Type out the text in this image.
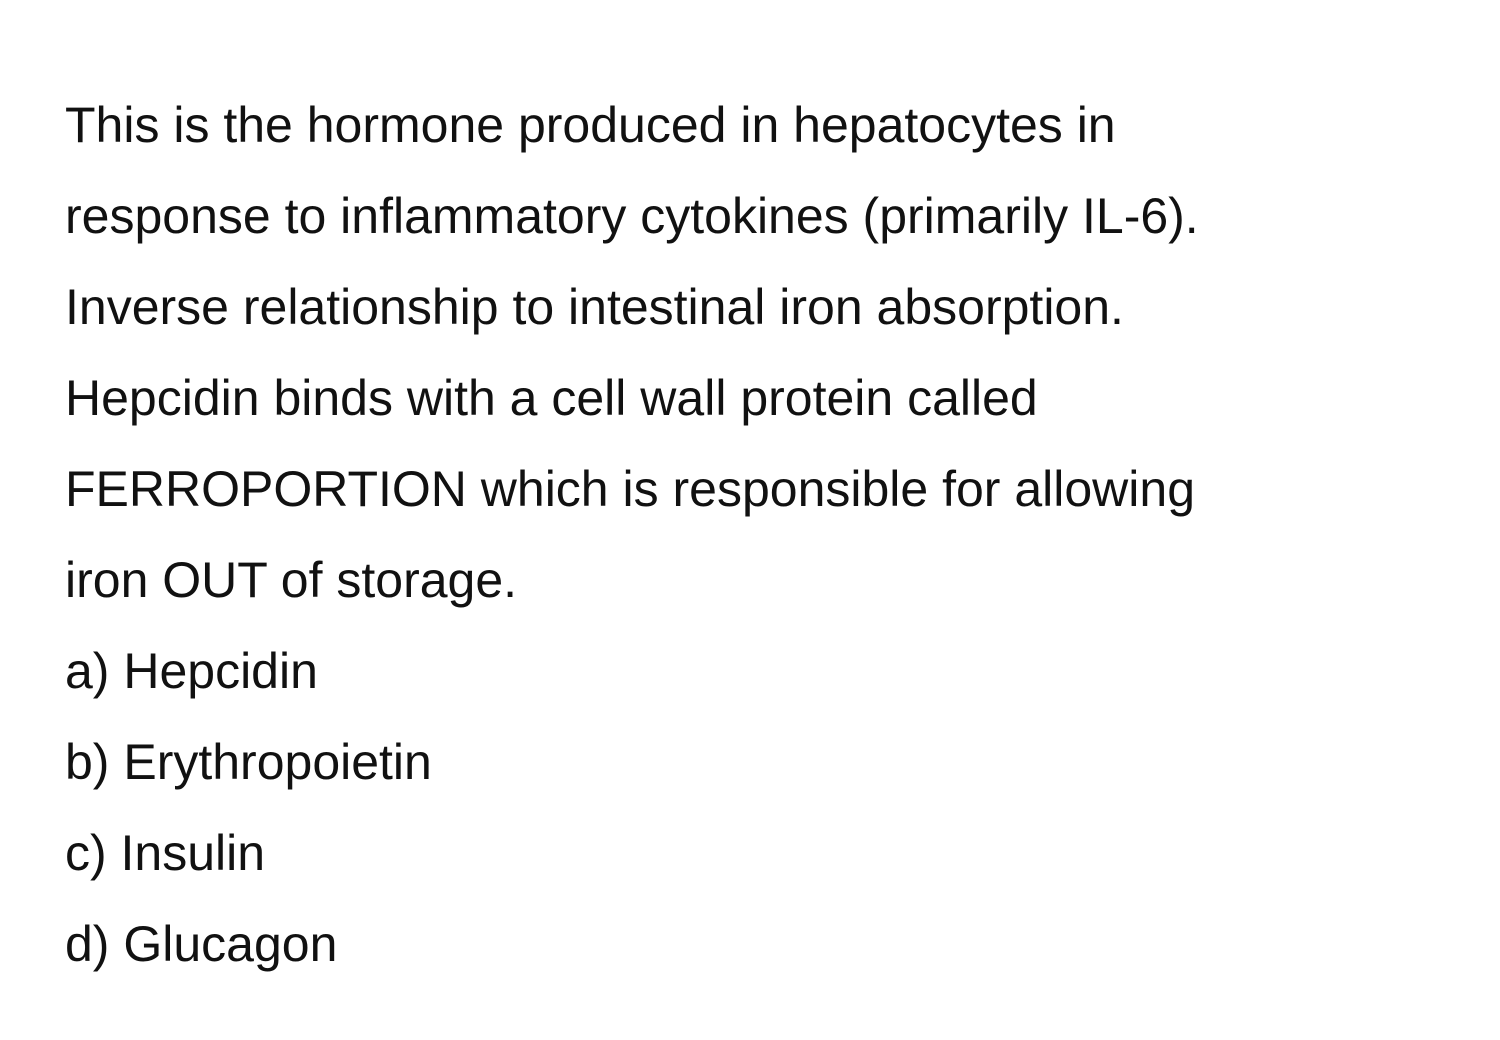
This is the hormone produced in hepatocytes in
response to inflammatory cytokines (primarily IL-6).
Inverse relationship to intestinal iron absorption.
Hepcidin binds with a cell wall protein called
FERROPORTION which is responsible for allowing
iron OUT of storage.
a) Hepcidin
b) Erythropoietin
c) Insulin
d) Glucagon
